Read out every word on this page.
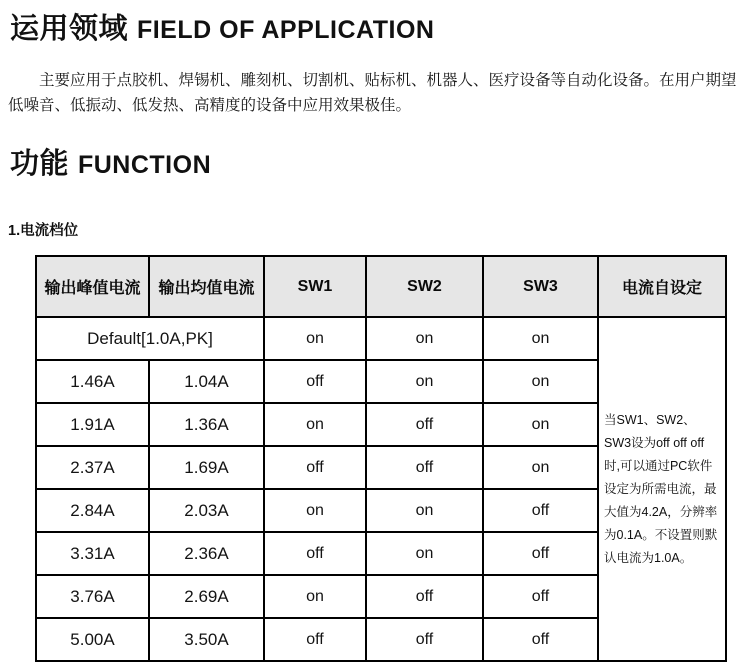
运用领域 FIELD OF APPLICATION
主要应用于点胶机、焊锡机、雕刻机、切割机、贴标机、机器人、医疗设备等自动化设备。在用户期望低噪音、低振动、低发热、高精度的设备中应用效果极佳。
功能 FUNCTION
1.电流档位
输出峰值电流	输出均值电流	SW1	SW2	SW3	电流自设定
Default[1.0A,PK]		on	on	on	当SW1、SW2、SW3设为off off off时,可以通过PC软件设定为所需电流，最大值为4.2A，分辨率为0.1A。不设置则默认电流为1.0A。
1.46A	1.04A	off	on	on	
1.91A	1.36A	on	off	on	
2.37A	1.69A	off	off	on	
2.84A	2.03A	on	on	off	
3.31A	2.36A	off	on	off	
3.76A	2.69A	on	off	off	
5.00A	3.50A	off	off	off	
